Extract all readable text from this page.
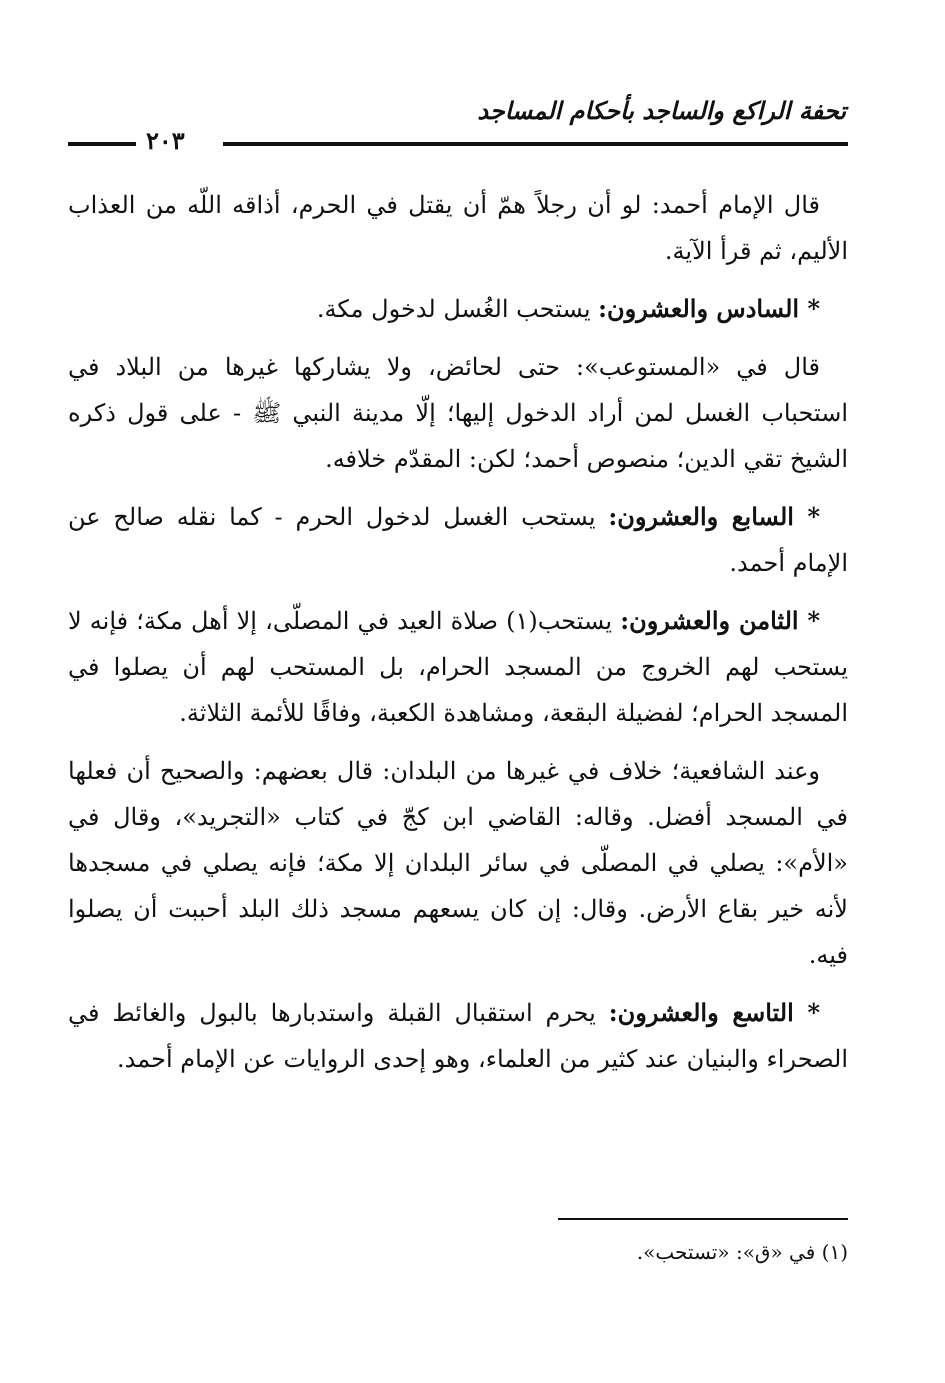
تحفة الراكع والساجد بأحكام المساجد
٢٠٣

قال الإمام أحمد: لو أن رجلاً همّ أن يقتل في الحرم، أذاقه اللّه من العذاب الأليم، ثم قرأ الآية.

* السادس والعشرون: يستحب الغُسل لدخول مكة.

قال في «المستوعب»: حتى لحائض، ولا يشاركها غيرها من البلاد في استحباب الغسل لمن أراد الدخول إليها؛ إلّا مدينة النبي ﷺ - على قول ذكره الشيخ تقي الدين؛ منصوص أحمد؛ لكن: المقدّم خلافه.

* السابع والعشرون: يستحب الغسل لدخول الحرم - كما نقله صالح عن الإمام أحمد.

* الثامن والعشرون: يستحب(١) صلاة العيد في المصلّى، إلا أهل مكة؛ فإنه لا يستحب لهم الخروج من المسجد الحرام، بل المستحب لهم أن يصلوا في المسجد الحرام؛ لفضيلة البقعة، ومشاهدة الكعبة، وفاقًا للأئمة الثلاثة.

وعند الشافعية؛ خلاف في غيرها من البلدان: قال بعضهم: والصحيح أن فعلها في المسجد أفضل. وقاله: القاضي ابن كجّ في كتاب «التجريد»، وقال في «الأم»: يصلي في المصلّى في سائر البلدان إلا مكة؛ فإنه يصلي في مسجدها لأنه خير بقاع الأرض. وقال: إن كان يسعهم مسجد ذلك البلد أحببت أن يصلوا فيه.

* التاسع والعشرون: يحرم استقبال القبلة واستدبارها بالبول والغائط في الصحراء والبنيان عند كثير من العلماء، وهو إحدى الروايات عن الإمام أحمد.

(١) في «ق»: «تستحب».
